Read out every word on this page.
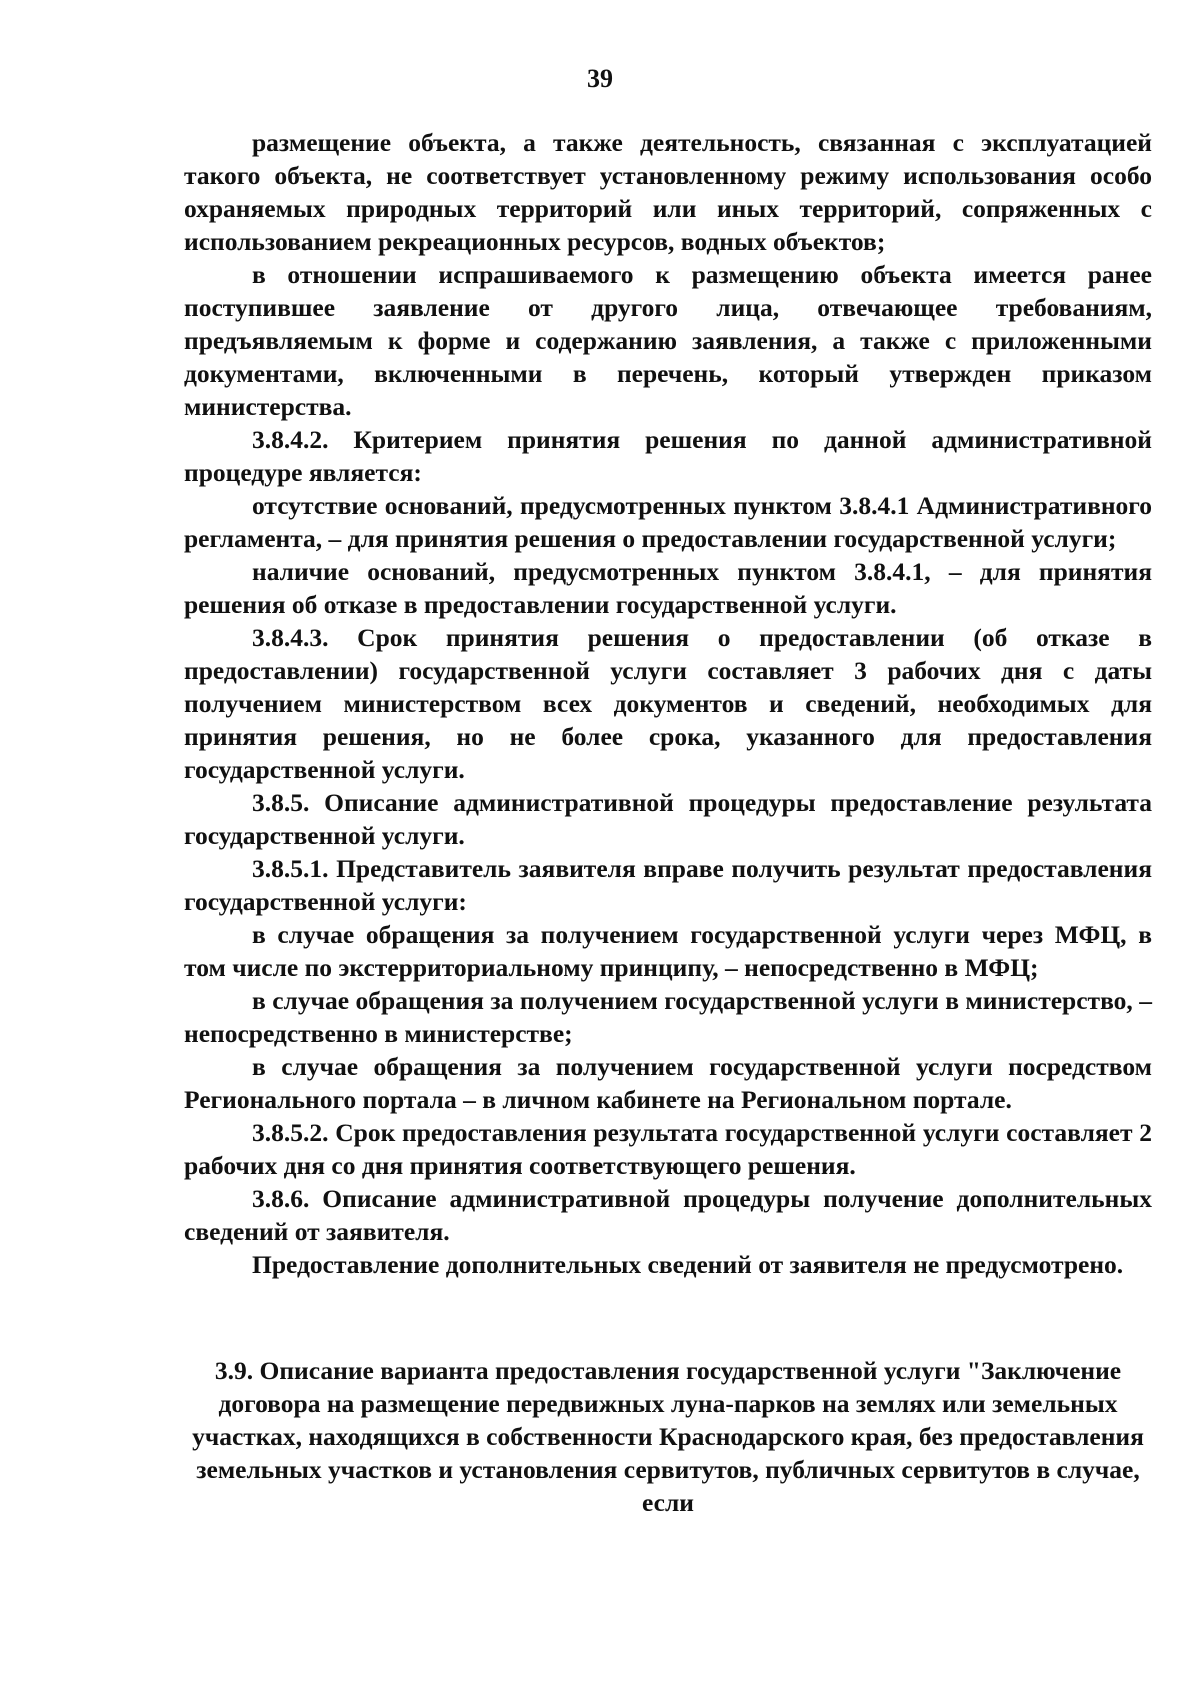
39

размещение объекта, а также деятельность, связанная с эксплуатацией такого объекта, не соответствует установленному режиму использования особо охраняемых природных территорий или иных территорий, сопряженных с использованием рекреационных ресурсов, водных объектов;

в отношении испрашиваемого к размещению объекта имеется ранее поступившее заявление от другого лица, отвечающее требованиям, предъявляемым к форме и содержанию заявления, а также с приложенными документами, включенными в перечень, который утвержден приказом министерства.

3.8.4.2. Критерием принятия решения по данной административной процедуре является:

отсутствие оснований, предусмотренных пунктом 3.8.4.1 Административного регламента, – для принятия решения о предоставлении государственной услуги;

наличие оснований, предусмотренных пунктом 3.8.4.1, – для принятия решения об отказе в предоставлении государственной услуги.

3.8.4.3. Срок принятия решения о предоставлении (об отказе в предоставлении) государственной услуги составляет 3 рабочих дня с даты получением министерством всех документов и сведений, необходимых для принятия решения, но не более срока, указанного для предоставления государственной услуги.

3.8.5. Описание административной процедуры предоставление результата государственной услуги.

3.8.5.1. Представитель заявителя вправе получить результат предоставления государственной услуги:

в случае обращения за получением государственной услуги через МФЦ, в том числе по экстерриториальному принципу, – непосредственно в МФЦ;

в случае обращения за получением государственной услуги в министерство, – непосредственно в министерстве;

в случае обращения за получением государственной услуги посредством Регионального портала – в личном кабинете на Региональном портале.

3.8.5.2. Срок предоставления результата государственной услуги составляет 2 рабочих дня со дня принятия соответствующего решения.

3.8.6. Описание административной процедуры получение дополнительных сведений от заявителя.

Предоставление дополнительных сведений от заявителя не предусмотрено.

3.9. Описание варианта предоставления государственной услуги "Заключение договора на размещение передвижных луна-парков на землях или земельных участках, находящихся в собственности Краснодарского края, без предоставления земельных участков и установления сервитутов, публичных сервитутов в случае, если
